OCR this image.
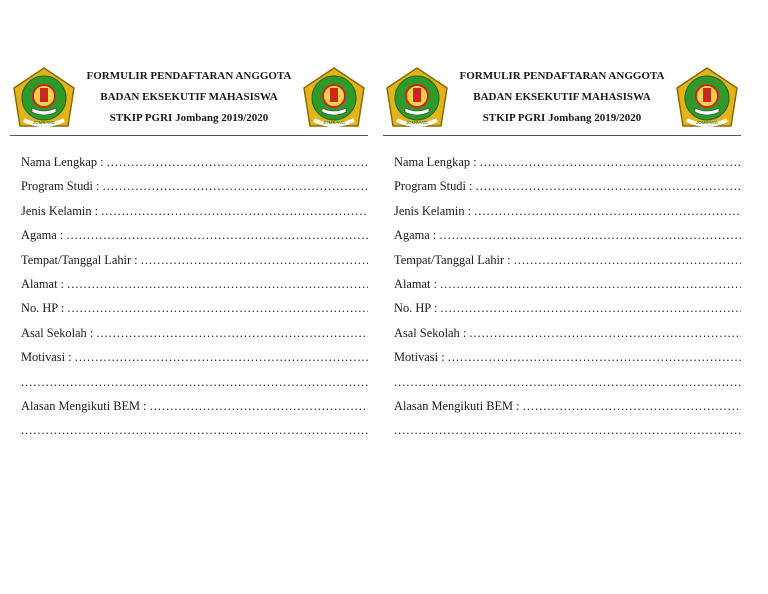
JOMBANG
FORMULIR PENDAFTARAN ANGGOTA
BADAN EKSEKUTIF MAHASISWA
STKIP PGRI Jombang 2019/2020	JOMBANG
Nama Lengkap :

.....
Program Studi :

.....
Jenis Kelamin :

.....
Agama :

.....
Tempat/Tanggal Lahir :

.....
Alamat :

.....
No. HP :

.....
Asal Sekolah :

.....
Motivasi :

.....
.....
Alasan Mengikuti BEM :

.....
.....
JOMBANG
FORMULIR PENDAFTARAN ANGGOTA
BADAN EKSEKUTIF MAHASISWA
STKIP PGRI Jombang 2019/2020	JOMBANG
Nama Lengkap :

.....
Program Studi :

.....
Jenis Kelamin :

.....
Agama :

.....
Tempat/Tanggal Lahir :

.....
Alamat :

.....
No. HP :

.....
Asal Sekolah :

.....
Motivasi :

.....
.....
Alasan Mengikuti BEM :

.....
.....
